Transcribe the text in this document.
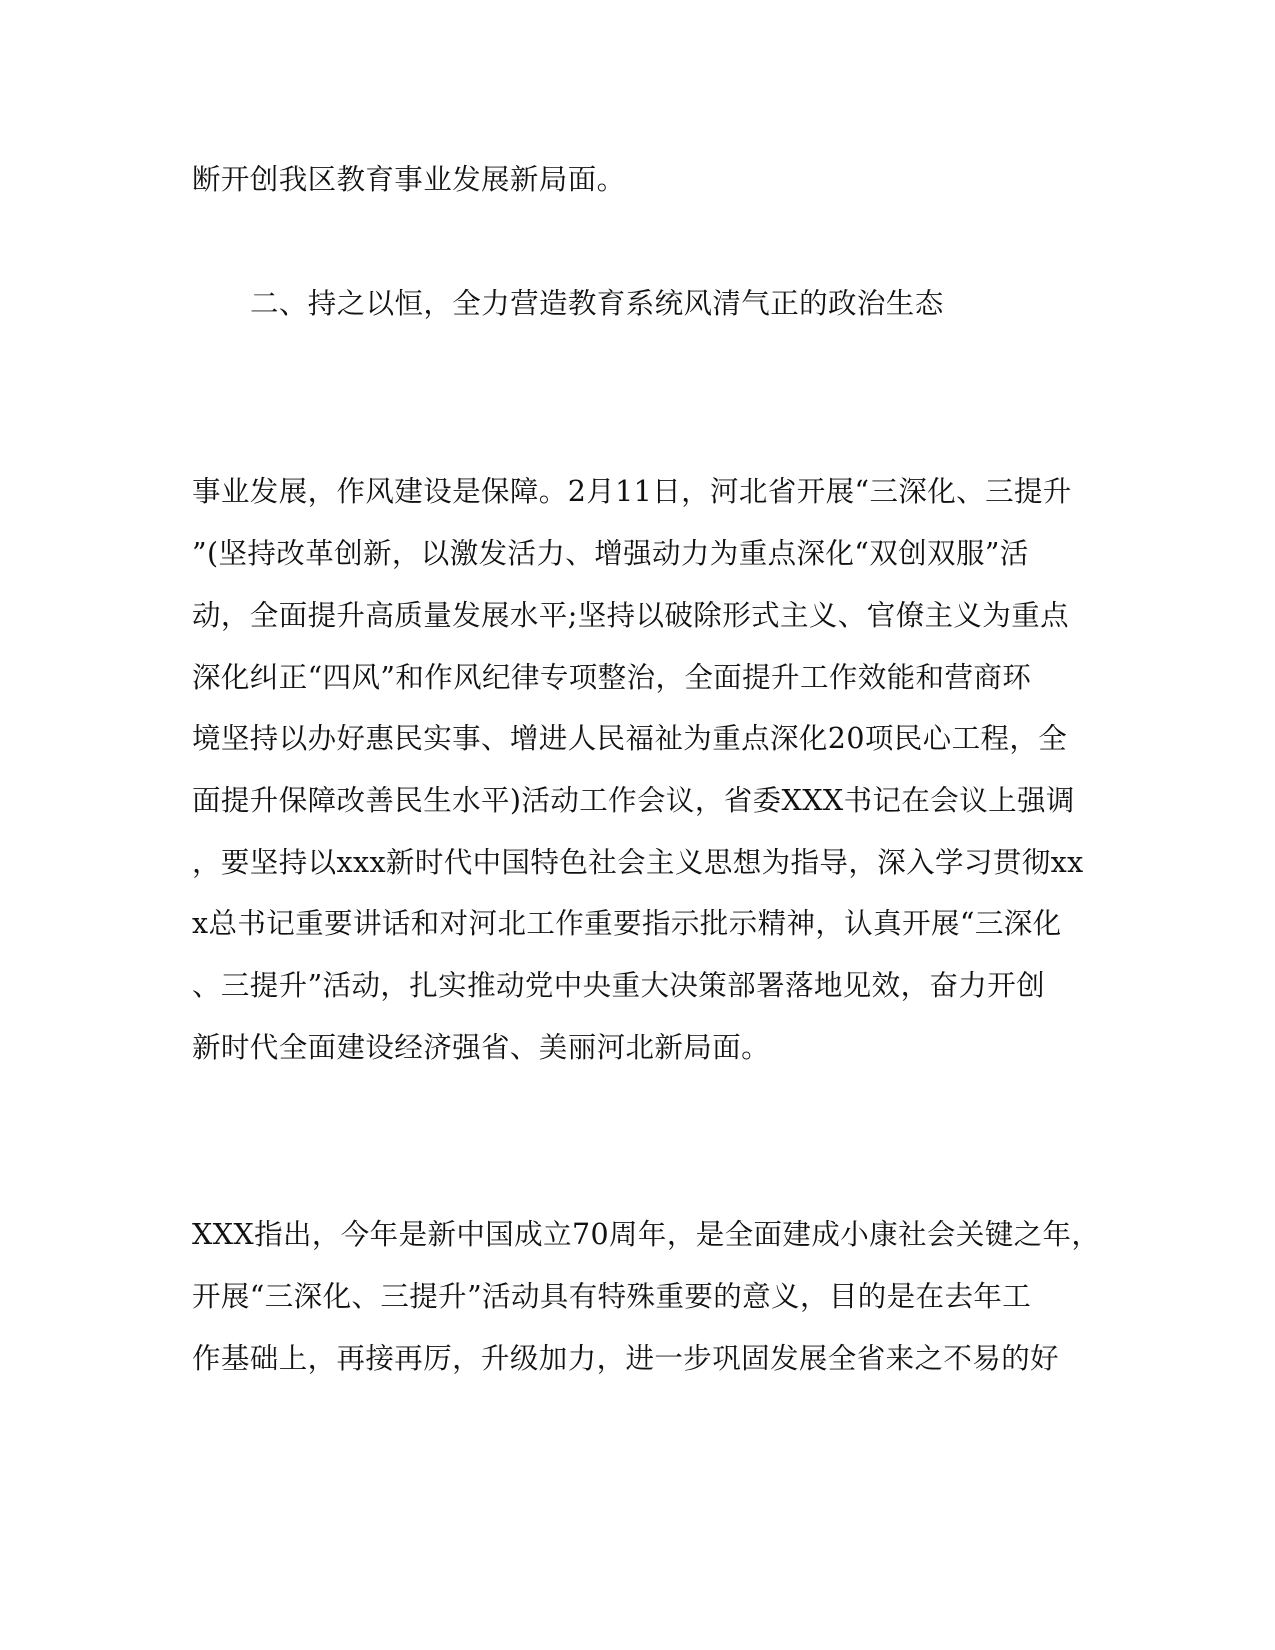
断开创我区教育事业发展新局面。
二、持之以恒，全力营造教育系统风清气正的政治生态
事业发展，作风建设是保障。2月11日，河北省开展“三深化、三提升
”(坚持改革创新，以激发活力、增强动力为重点深化“双创双服”活
动，全面提升高质量发展水平;坚持以破除形式主义、官僚主义为重点
深化纠正“四风”和作风纪律专项整治，全面提升工作效能和营商环
境坚持以办好惠民实事、增进人民福祉为重点深化20项民心工程，全
面提升保障改善民生水平)活动工作会议，省委XXX书记在会议上强调
，要坚持以xxx新时代中国特色社会主义思想为指导，深入学习贯彻xx
x总书记重要讲话和对河北工作重要指示批示精神，认真开展“三深化
、三提升”活动，扎实推动党中央重大决策部署落地见效，奋力开创
新时代全面建设经济强省、美丽河北新局面。
XXX指出，今年是新中国成立70周年，是全面建成小康社会关键之年，
开展“三深化、三提升”活动具有特殊重要的意义，目的是在去年工
作基础上，再接再厉，升级加力，进一步巩固发展全省来之不易的好
